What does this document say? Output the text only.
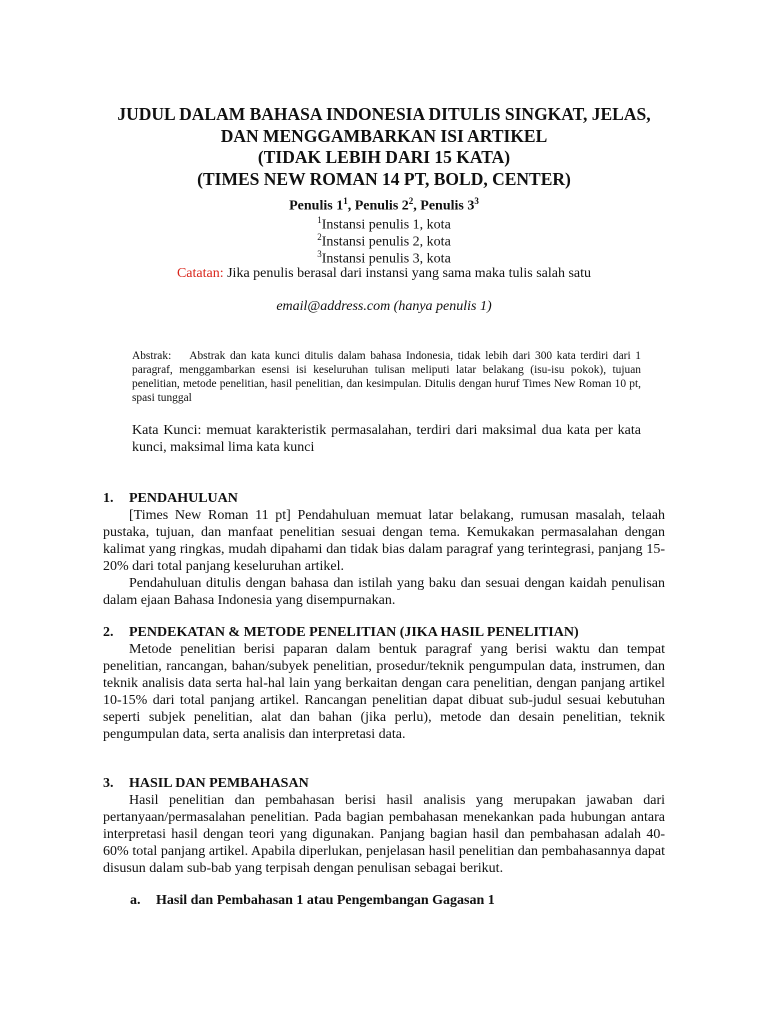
JUDUL DALAM BAHASA INDONESIA DITULIS SINGKAT, JELAS,
DAN MENGGAMBARKAN ISI ARTIKEL
(TIDAK LEBIH DARI 15 KATA)
(TIMES NEW ROMAN 14 PT, BOLD, CENTER)
Penulis $1^1$, Penulis $2^2$, Penulis $3^3$
$^1$Instansi penulis 1, kota
$^2$Instansi penulis 2, kota
$^3$Instansi penulis 3, kota
Catatan: Jika penulis berasal dari instansi yang sama maka tulis salah satu
email@address.com (hanya penulis 1)
Abstrak: Abstrak dan kata kunci ditulis dalam bahasa Indonesia, tidak lebih dari 300 kata terdiri dari 1 paragraf, menggambarkan esensi isi keseluruhan tulisan meliputi latar belakang (isu-isu pokok), tujuan penelitian, metode penelitian, hasil penelitian, dan kesimpulan. Ditulis dengan huruf Times New Roman 10 pt, spasi tunggal
Kata Kunci: memuat karakteristik permasalahan, terdiri dari maksimal dua kata per kata kunci, maksimal lima kata kunci
1. PENDAHULUAN
[Times New Roman 11 pt] Pendahuluan memuat latar belakang, rumusan masalah, telaah pustaka, tujuan, dan manfaat penelitian sesuai dengan tema. Kemukakan permasalahan dengan kalimat yang ringkas, mudah dipahami dan tidak bias dalam paragraf yang terintegrasi, panjang 15-20% dari total panjang keseluruhan artikel.
Pendahuluan ditulis dengan bahasa dan istilah yang baku dan sesuai dengan kaidah penulisan dalam ejaan Bahasa Indonesia yang disempurnakan.
2. PENDEKATAN & METODE PENELITIAN (JIKA HASIL PENELITIAN)
Metode penelitian berisi paparan dalam bentuk paragraf yang berisi waktu dan tempat penelitian, rancangan, bahan/subyek penelitian, prosedur/teknik pengumpulan data, instrumen, dan teknik analisis data serta hal-hal lain yang berkaitan dengan cara penelitian, dengan panjang artikel 10-15% dari total panjang artikel. Rancangan penelitian dapat dibuat sub-judul sesuai kebutuhan seperti subjek penelitian, alat dan bahan (jika perlu), metode dan desain penelitian, teknik pengumpulan data, serta analisis dan interpretasi data.
3. HASIL DAN PEMBAHASAN
Hasil penelitian dan pembahasan berisi hasil analisis yang merupakan jawaban dari pertanyaan/permasalahan penelitian. Pada bagian pembahasan menekankan pada hubungan antara interpretasi hasil dengan teori yang digunakan. Panjang bagian hasil dan pembahasan adalah 40-60% total panjang artikel. Apabila diperlukan, penjelasan hasil penelitian dan pembahasannya dapat disusun dalam sub-bab yang terpisah dengan penulisan sebagai berikut.
a. Hasil dan Pembahasan 1 atau Pengembangan Gagasan 1
